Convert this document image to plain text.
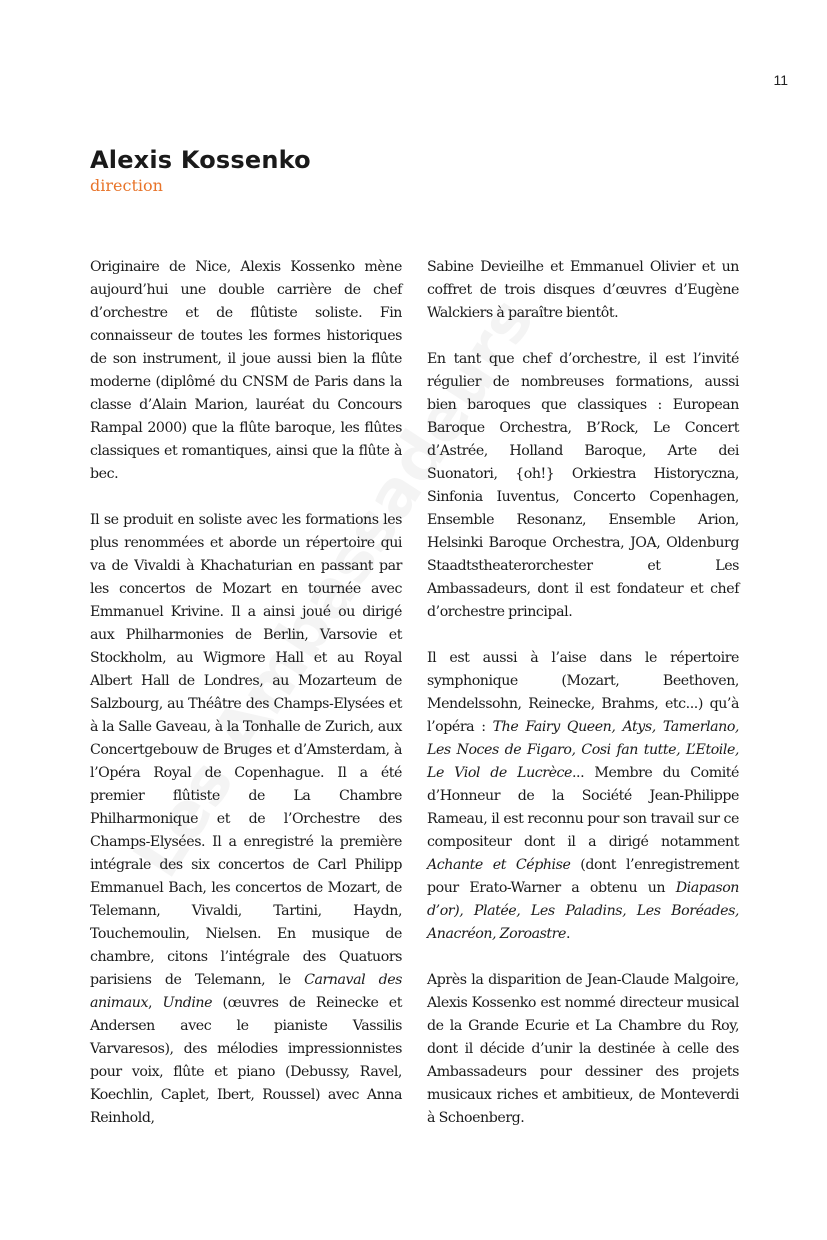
11
Alexis Kossenko
direction

Originaire de Nice, Alexis Kossenko mène aujourd’hui une double carrière de chef d’orchestre et de flûtiste soliste. Fin connaisseur de toutes les formes historiques de son instrument, il joue aussi bien la flûte moderne (diplômé du CNSM de Paris dans la classe d’Alain Marion, lauréat du Concours Rampal 2000) que la flûte baroque, les flûtes classiques et romantiques, ainsi que la flûte à bec.

Il se produit en soliste avec les formations les plus renommées et aborde un répertoire qui va de Vivaldi à Khachaturian en passant par les concertos de Mozart en tournée avec Emmanuel Krivine. Il a ainsi joué ou dirigé aux Philharmonies de Berlin, Varsovie et Stockholm, au Wigmore Hall et au Royal Albert Hall de Londres, au Mozarteum de Salzbourg, au Théâtre des Champs-Elysées et à la Salle Gaveau, à la Tonhalle de Zurich, aux Concertgebouw de Bruges et d’Amsterdam, à l’Opéra Royal de Copenhague. Il a été premier flûtiste de La Chambre Philharmonique et de l’Orchestre des Champs-Elysées. Il a enregistré la première intégrale des six concertos de Carl Philipp Emmanuel Bach, les concertos de Mozart, de Telemann, Vivaldi, Tartini, Haydn, Touchemoulin, Nielsen. En musique de chambre, citons l’intégrale des Quatuors parisiens de Telemann, le Carnaval des animaux, Undine (œuvres de Reinecke et Andersen avec le pianiste Vassilis Varvaresos), des mélodies impressionnistes pour voix, flûte et piano (Debussy, Ravel, Koechlin, Caplet, Ibert, Roussel) avec Anna Reinhold,

Sabine Devieilhe et Emmanuel Olivier et un coffret de trois disques d’œuvres d’Eugène Walckiers à paraître bientôt.

En tant que chef d’orchestre, il est l’invité régulier de nombreuses formations, aussi bien baroques que classiques : European Baroque Orchestra, B’Rock, Le Concert d’Astrée, Holland Baroque, Arte dei Suonatori, {oh!} Orkiestra Historyczna, Sinfonia Iuventus, Concerto Copenhagen, Ensemble Resonanz, Ensemble Arion, Helsinki Baroque Orchestra, JOA, Oldenburg Staadtstheaterorchester et Les Ambassadeurs, dont il est fondateur et chef d’orchestre principal.

Il est aussi à l’aise dans le répertoire symphonique (Mozart, Beethoven, Mendelssohn, Reinecke, Brahms, etc...) qu’à l’opéra : The Fairy Queen, Atys, Tamerlano, Les Noces de Figaro, Cosi fan tutte, L’Etoile, Le Viol de Lucrèce... Membre du Comité d’Honneur de la Société Jean-Philippe Rameau, il est reconnu pour son travail sur ce compositeur dont il a dirigé notamment Achante et Céphise (dont l’enregistrement pour Erato-Warner a obtenu un Diapason d’or), Platée, Les Paladins, Les Boréades, Anacréon, Zoroastre.

Après la disparition de Jean-Claude Malgoire, Alexis Kossenko est nommé directeur musical de la Grande Ecurie et La Chambre du Roy, dont il décide d’unir la destinée à celle des Ambassadeurs pour dessiner des projets musicaux riches et ambitieux, de Monteverdi à Schoenberg.
